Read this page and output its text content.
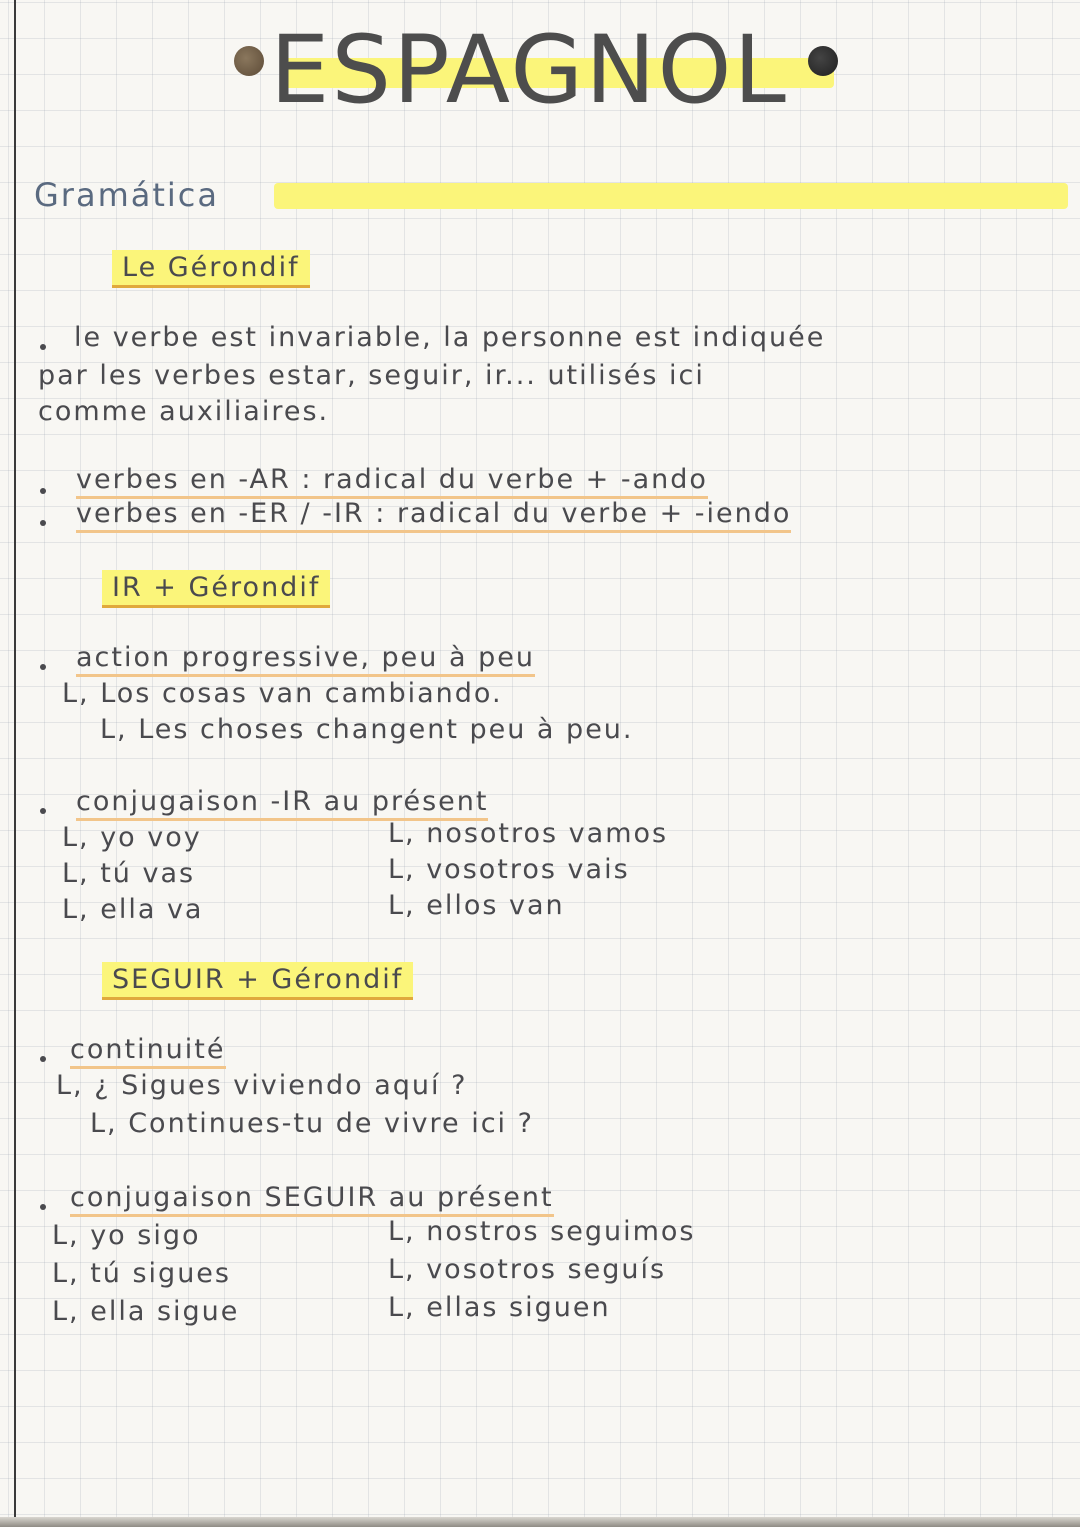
ESPAGNOL
Gramática
Le Gérondif
le verbe est invariable, la personne est indiquée
par les verbes estar, seguir, ir... utilisés ici
comme auxiliaires.
verbes en -AR : radical du verbe + -ando
verbes en -ER / -IR : radical du verbe + -iendo
IR + Gérondif
action progressive, peu à peu
L, Los cosas van cambiando.
L, Les choses changent peu à peu.
conjugaison -IR au présent
L, yo voy
L, tú vas
L, ella va
L, nosotros vamos
L, vosotros vais
L, ellos van
SEGUIR + Gérondif
continuité
L, ¿ Sigues viviendo aquí ?
L, Continues-tu de vivre ici ?
conjugaison SEGUIR au présent
L, yo sigo
L, tú sigues
L, ella sigue
L, nostros seguimos
L, vosotros seguís
L, ellas siguen
